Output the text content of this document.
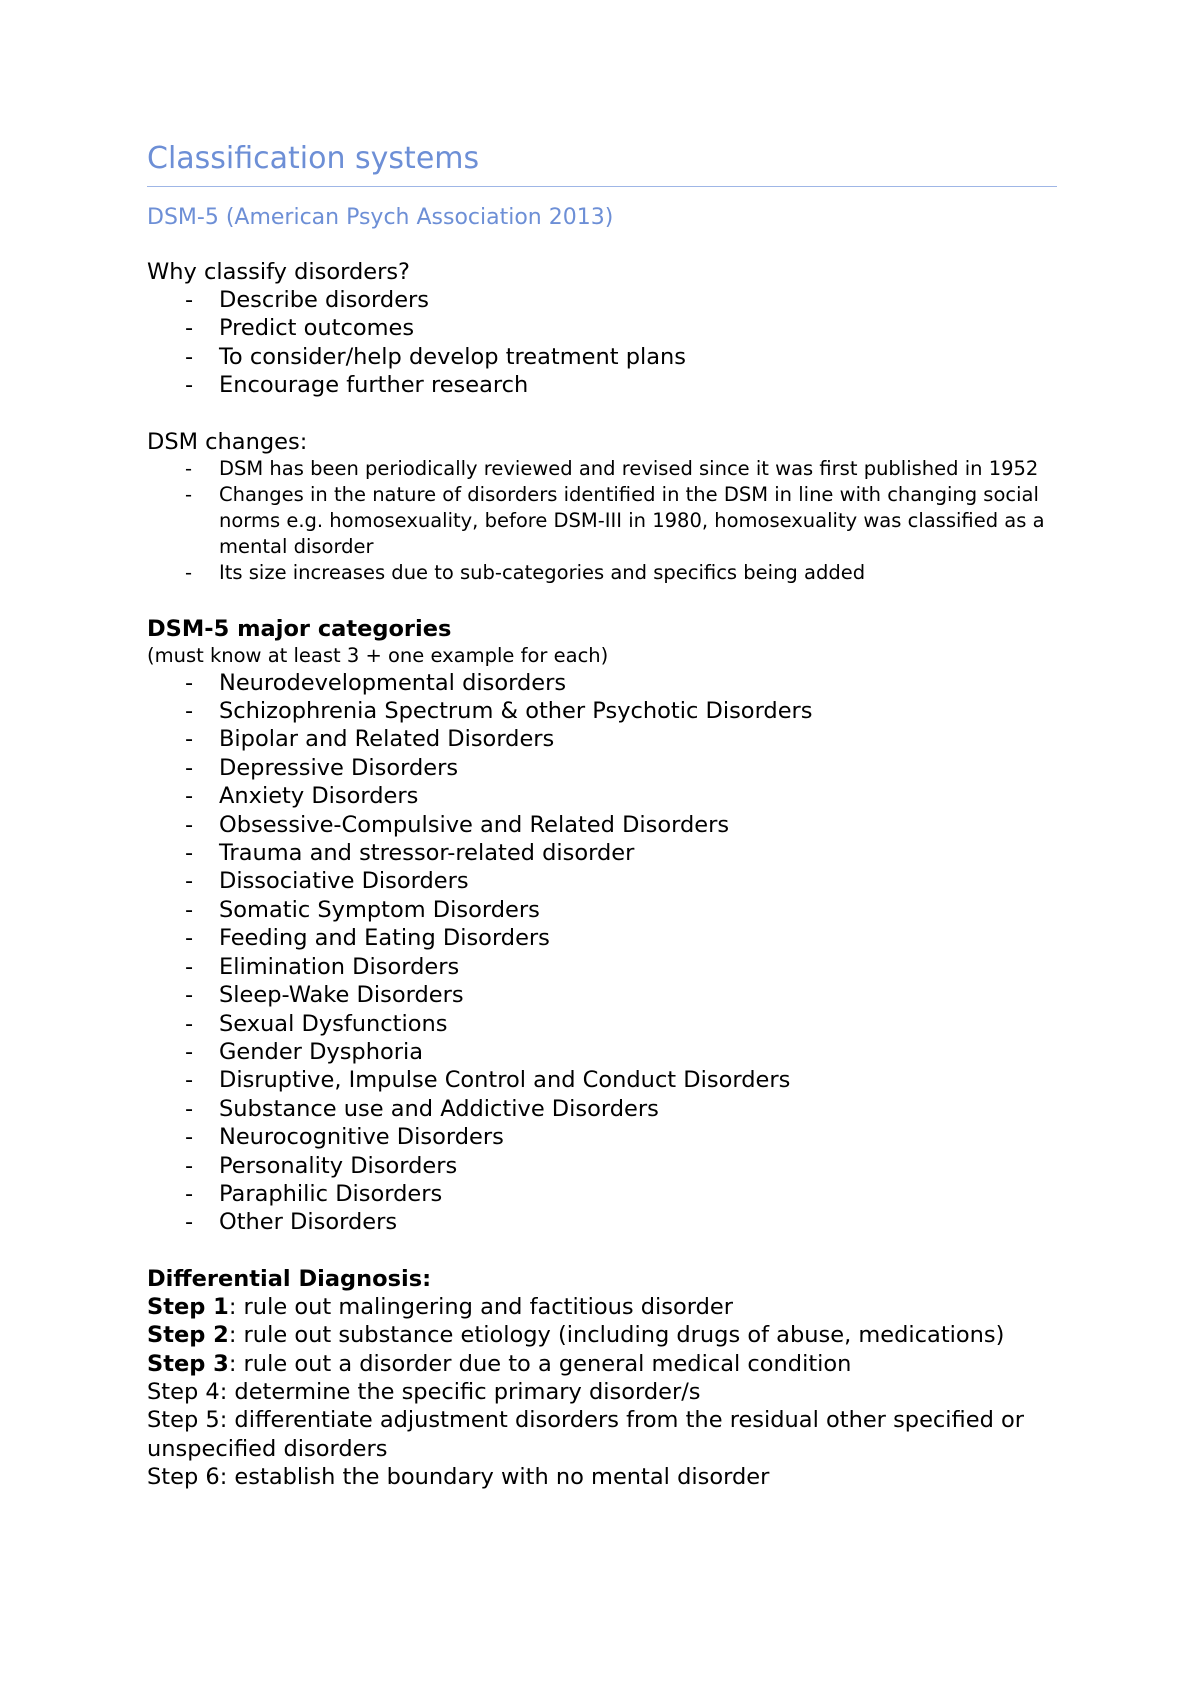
Classification systems
DSM-5 (American Psych Association 2013)
Why classify disorders?
- Describe disorders
- Predict outcomes
- To consider/help develop treatment plans
- Encourage further research
DSM changes:
- DSM has been periodically reviewed and revised since it was first published in 1952
- Changes in the nature of disorders identified in the DSM in line with changing social norms e.g. homosexuality, before DSM-III in 1980, homosexuality was classified as a mental disorder
- Its size increases due to sub-categories and specifics being added
DSM-5 major categories
(must know at least 3 + one example for each)
- Neurodevelopmental disorders
- Schizophrenia Spectrum & other Psychotic Disorders
- Bipolar and Related Disorders
- Depressive Disorders
- Anxiety Disorders
- Obsessive-Compulsive and Related Disorders
- Trauma and stressor-related disorder
- Dissociative Disorders
- Somatic Symptom Disorders
- Feeding and Eating Disorders
- Elimination Disorders
- Sleep-Wake Disorders
- Sexual Dysfunctions
- Gender Dysphoria
- Disruptive, Impulse Control and Conduct Disorders
- Substance use and Addictive Disorders
- Neurocognitive Disorders
- Personality Disorders
- Paraphilic Disorders
- Other Disorders
Differential Diagnosis:
Step 1: rule out malingering and factitious disorder
Step 2: rule out substance etiology (including drugs of abuse, medications)
Step 3: rule out a disorder due to a general medical condition
Step 4: determine the specific primary disorder/s
Step 5: differentiate adjustment disorders from the residual other specified or unspecified disorders
Step 6: establish the boundary with no mental disorder
